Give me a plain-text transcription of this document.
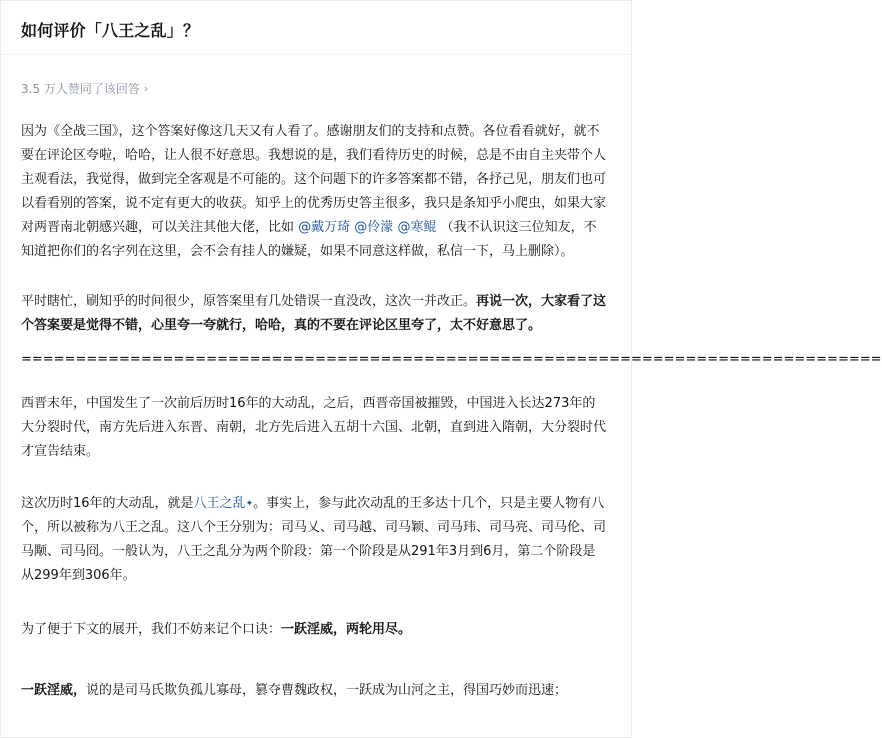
如何评价「八王之乱」？
3.5 万人赞同了该回答 ›

因为《全战三国》，这个答案好像这几天又有人看了。感谢朋友们的支持和点赞。各位看看就好，就不要在评论区夸啦，哈哈，让人很不好意思。我想说的是，我们看待历史的时候，总是不由自主夹带个人主观看法，我觉得，做到完全客观是不可能的。这个问题下的许多答案都不错，各抒己见，朋友们也可以看看别的答案，说不定有更大的收获。知乎上的优秀历史答主很多，我只是条知乎小爬虫，如果大家对两晋南北朝感兴趣，可以关注其他大佬，比如 @戴万琦 @伶濛 @寒鲲 （我不认识这三位知友，不知道把你们的名字列在这里，会不会有挂人的嫌疑，如果不同意这样做，私信一下，马上删除）。

平时瞎忙，刷知乎的时间很少，原答案里有几处错误一直没改，这次一并改正。再说一次，大家看了这个答案要是觉得不错，心里夸一夸就行，哈哈，真的不要在评论区里夸了，太不好意思了。

===============================================================================

西晋末年，中国发生了一次前后历时16年的大动乱，之后，西晋帝国被摧毁，中国进入长达273年的大分裂时代，南方先后进入东晋、南朝，北方先后进入五胡十六国、北朝，直到进入隋朝，大分裂时代才宣告结束。

这次历时16年的大动乱，就是八王之乱✦。事实上，参与此次动乱的王多达十几个，只是主要人物有八个，所以被称为八王之乱。这八个王分别为：司马乂、司马越、司马颖、司马玮、司马亮、司马伦、司马颙、司马冏。一般认为，八王之乱分为两个阶段：第一个阶段是从291年3月到6月，第二个阶段是从299年到306年。

为了便于下文的展开，我们不妨来记个口诀：一跃淫威，两轮用尽。

一跃淫威，说的是司马氏欺负孤儿寡母，篡夺曹魏政权，一跃成为山河之主，得国巧妙而迅速；
